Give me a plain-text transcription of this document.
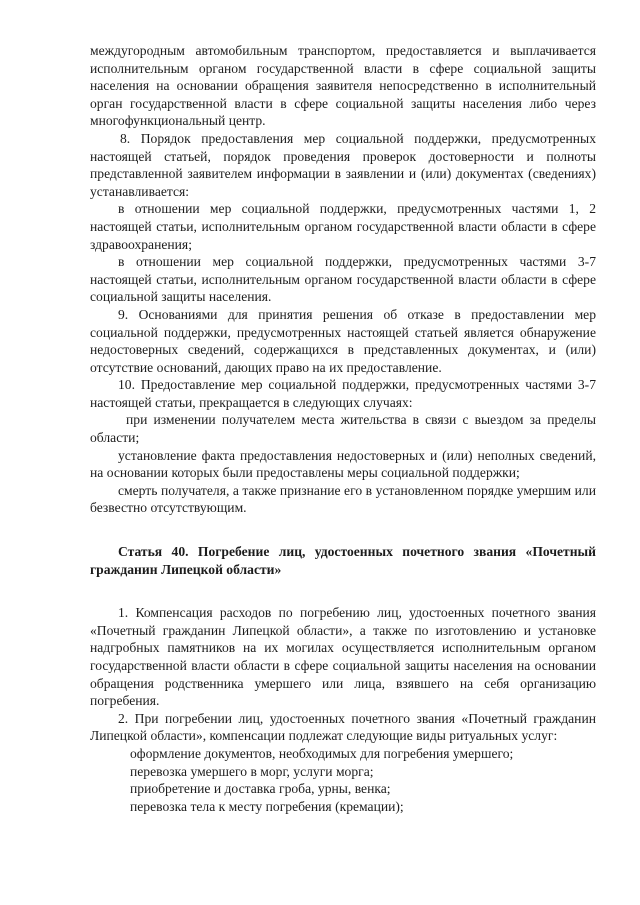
междугородным автомобильным транспортом, предоставляется и выплачивается исполнительным органом государственной власти в сфере социальной защиты населения на основании обращения заявителя непосредственно в исполнительный орган государственной власти в сфере социальной защиты населения либо через многофункциональный центр.

8. Порядок предоставления мер социальной поддержки, предусмотренных настоящей статьей, порядок проведения проверок достоверности и полноты представленной заявителем информации в заявлении и (или) документах (сведениях) устанавливается:

в отношении мер социальной поддержки, предусмотренных частями 1, 2 настоящей статьи, исполнительным органом государственной власти области в сфере здравоохранения;

в отношении мер социальной поддержки, предусмотренных частями 3-7 настоящей статьи, исполнительным органом государственной власти области в сфере социальной защиты населения.

9. Основаниями для принятия решения об отказе в предоставлении мер социальной поддержки, предусмотренных настоящей статьей является обнаружение недостоверных сведений, содержащихся в представленных документах, и (или) отсутствие оснований, дающих право на их предоставление.

10. Предоставление мер социальной поддержки, предусмотренных частями 3-7 настоящей статьи, прекращается в следующих случаях:

при изменении получателем места жительства в связи с выездом за пределы области;

установление факта предоставления недостоверных и (или) неполных сведений, на основании которых были предоставлены меры социальной поддержки;

смерть получателя, а также признание его в установленном порядке умершим или безвестно отсутствующим.

Статья 40. Погребение лиц, удостоенных почетного звания «Почетный гражданин Липецкой области»

1. Компенсация расходов по погребению лиц, удостоенных почетного звания «Почетный гражданин Липецкой области», а также по изготовлению и установке надгробных памятников на их могилах осуществляется исполнительным органом государственной власти области в сфере социальной защиты населения на основании обращения родственника умершего или лица, взявшего на себя организацию погребения.

2. При погребении лиц, удостоенных почетного звания «Почетный гражданин Липецкой области», компенсации подлежат следующие виды ритуальных услуг:

оформление документов, необходимых для погребения умершего;

перевозка умершего в морг, услуги морга;

приобретение и доставка гроба, урны, венка;

перевозка тела к месту погребения (кремации);
